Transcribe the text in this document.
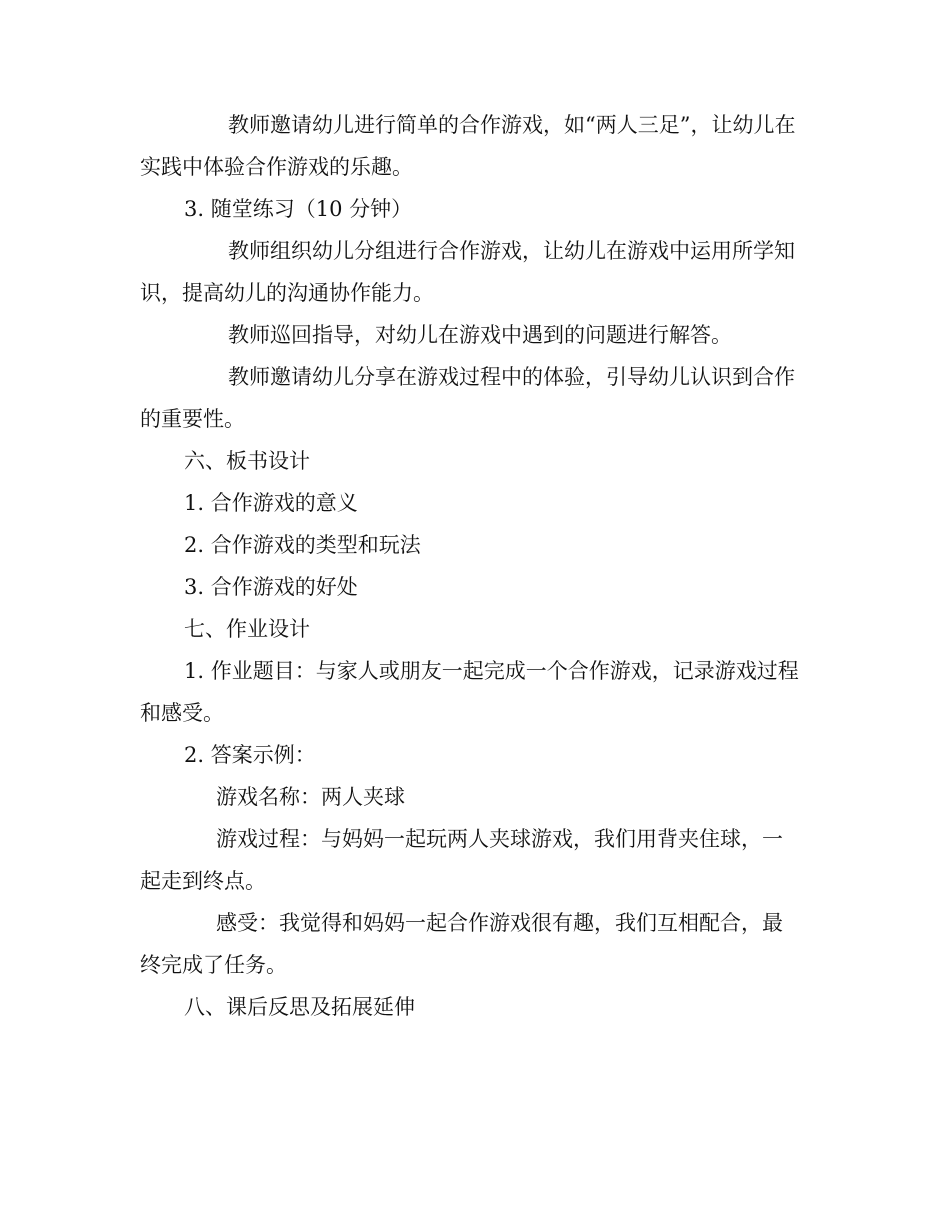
教师邀请幼儿进行简单的合作游戏，如“两人三足”，让幼儿在实践中体验合作游戏的乐趣。

3. 随堂练习（10 分钟）

教师组织幼儿分组进行合作游戏，让幼儿在游戏中运用所学知识，提高幼儿的沟通协作能力。

教师巡回指导，对幼儿在游戏中遇到的问题进行解答。

教师邀请幼儿分享在游戏过程中的体验，引导幼儿认识到合作的重要性。

六、板书设计

1. 合作游戏的意义

2. 合作游戏的类型和玩法

3. 合作游戏的好处

七、作业设计

1. 作业题目：与家人或朋友一起完成一个合作游戏，记录游戏过程和感受。

2. 答案示例：

游戏名称：两人夹球

游戏过程：与妈妈一起玩两人夹球游戏，我们用背夹住球，一起走到终点。

感受：我觉得和妈妈一起合作游戏很有趣，我们互相配合，最终完成了任务。

八、课后反思及拓展延伸
